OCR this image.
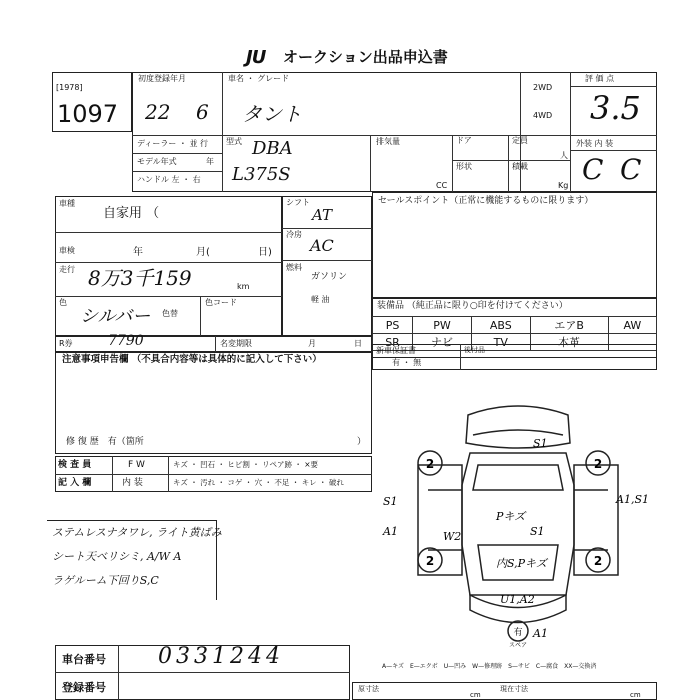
JU オークション出品申込書
[1978]
1097
初度登録年月
22 6
車名 ・ グレード
タント
2WD
4WD
評 価 点
3.5
ディーラー ・ 並 行
モデル年式	年
ハンドル 左 ・ 右
型式 DBA
L375S
排気量
CC
ドア	定員
人
形状	積載
Kg
外装 内 装
C C
車種
自家用 （
車検	年	月(	日)
走行 8万3千159	km
色
シルバー 色替
色コード
シフト
AT
冷房
AC
燃料
ガソリン
軽 油
R券	7790	名変期限	月	日
注意事項申告欄 （不具合内容等は具体的に記入して下さい）
修 復 歴　有（箇所	）
セールスポイント（正常に機能するものに限ります）
装備品 （純正品に限り○印を付けてください）
PS	PW	ABS	エアB	AW
SR	ナビ	TV	本革	
新車保証書
有 ・ 無
後付品
検 査 員	F W	キズ ・ 凹石 ・ ヒビ割 ・ リペア跡 ・ ×要
記 入 欄	内 装	キズ ・ 汚れ ・ コゲ ・ 穴 ・ 不足 ・ キレ ・ 破れ
ステムレスナタワレ, ライト黄ばみ
シート天ベリシミ, A/W A
ラゲルーム下回りS,C
2	2
2	2
S1
S1
A1	W2
Pキズ
S1
A1,S1
内S,Pキズ
U1,A2
A1
有
スペア
車台番号 0331244
登録番号
A—キズ　E—エクボ　U—凹み　W—修理跡　S—サビ　C—腐食　XX—交換済
原寸法	現在寸法
cm	cm
